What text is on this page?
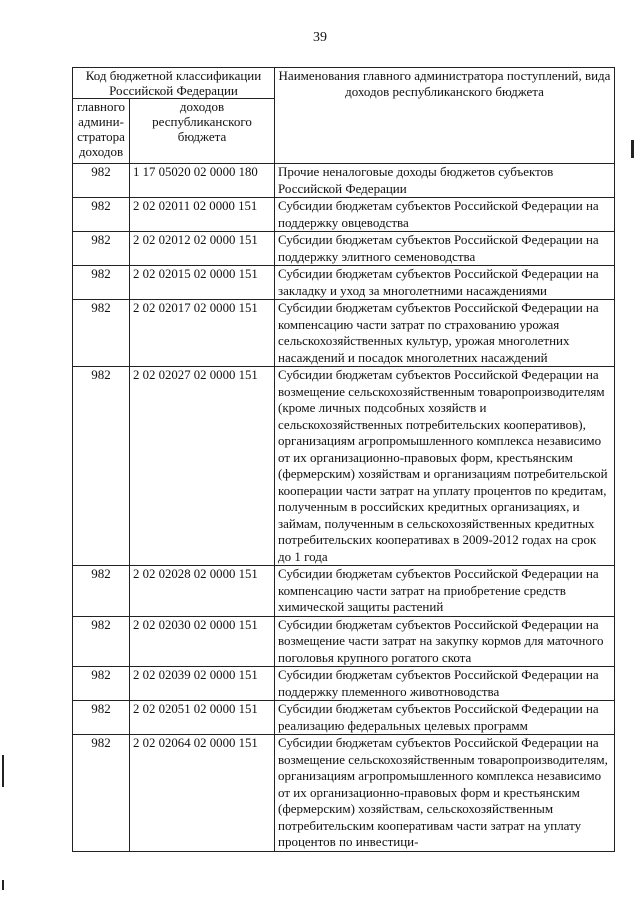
39
Код бюджетной классификации Российской Федерации		Наименования главного администратора поступлений, вида доходов республиканского бюджета
главного админи-стратора доходов	доходов республиканского бюджета	
982	1 17 05020 02 0000 180	Прочие неналоговые доходы бюджетов субъектов Российской Федерации
982	2 02 02011 02 0000 151	Субсидии бюджетам субъектов Российской Федерации на поддержку овцеводства
982	2 02 02012 02 0000 151	Субсидии бюджетам субъектов Российской Федерации на поддержку элитного семеноводства
982	2 02 02015 02 0000 151	Субсидии бюджетам субъектов Российской Федерации на закладку и уход за многолетними насаждениями
982	2 02 02017 02 0000 151	Субсидии бюджетам субъектов Российской Федерации на компенсацию части затрат по страхованию урожая сельскохозяйственных культур, урожая многолетних насаждений и посадок многолетних насаждений
982	2 02 02027 02 0000 151	Субсидии бюджетам субъектов Российской Федерации на возмещение сельскохозяйственным товаропроизводителям (кроме личных подсобных хозяйств и сельскохозяйственных потребительских кооперативов), организациям агропромышленного комплекса независимо от их организационно-правовых форм, крестьянским (фермерским) хозяйствам и организациям потребительской кооперации части затрат на уплату процентов по кредитам, полученным в российских кредитных организациях, и займам, полученным в сельскохозяйственных кредитных потребительских кооперативах в 2009-2012 годах на срок до 1 года
982	2 02 02028 02 0000 151	Субсидии бюджетам субъектов Российской Федерации на компенсацию части затрат на приобретение средств химической защиты растений
982	2 02 02030 02 0000 151	Субсидии бюджетам субъектов Российской Федерации на возмещение части затрат на закупку кормов для маточного поголовья крупного рогатого скота
982	2 02 02039 02 0000 151	Субсидии бюджетам субъектов Российской Федерации на поддержку племенного животноводства
982	2 02 02051 02 0000 151	Субсидии бюджетам субъектов Российской Федерации на реализацию федеральных целевых программ
982	2 02 02064 02 0000 151	Субсидии бюджетам субъектов Российской Федерации на возмещение сельскохозяйственным товаропроизводителям, организациям агропромышленного комплекса независимо от их организационно-правовых форм и крестьянским (фермерским) хозяйствам, сельскохозяйственным потребительским кооперативам части затрат на уплату процентов по инвестици-
